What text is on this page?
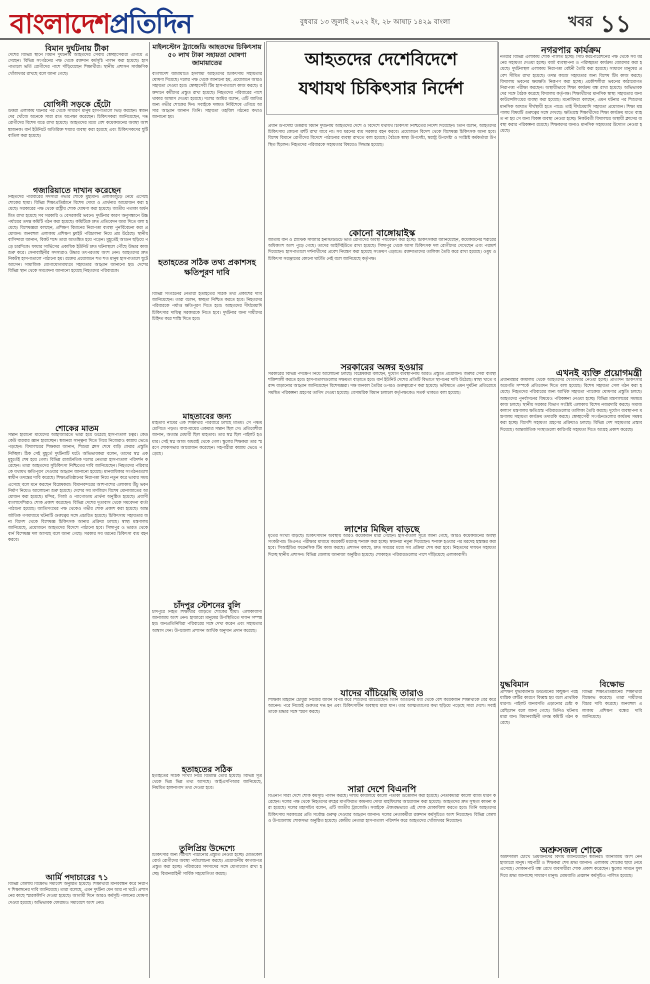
বাংলাদেশপ্রতিদিন	বুধবার ১৩ জুলাই ২০২২ ইং, ২৮ আষাঢ় ১৪২৯ বাংলা	খবর ১১
বিমান দুর্ঘটনায় টীকা
দেশের বিভিন্ন স্থানে বিমান দুর্ঘটনায় আহতদের সেবায় স্বেচ্ছাসেবীরা এগিয়ে এসেছেন। বিভিন্ন সংগঠনের পক্ষ থেকে রক্তদান কর্মসূচি পালন করা হয়েছে। হাসপাতালে ভর্তি রোগীদের পাশে দাঁড়িয়েছেন শিক্ষার্থীরা। স্থানীয় প্রশাসন সার্বক্ষণিক খোঁজখবর রাখছে বলে জানা গেছে।
যোগিনী সড়কে হেঁটো
উত্তরা এলাকায় ঘটনার পর থেকে সাধারণ মানুষ হাসপাতালে ভিড় করছেন। স্বজনদের খোঁজে অনেকে সারা রাত অপেক্ষা করেছেন। চিকিৎসকরা জানিয়েছেন, দগ্ধ রোগীদের বিশেষ যত্নে রাখা হয়েছে। আহতদের মধ্যে বেশ কয়েকজনের অবস্থা আশঙ্কাজনক। বার্ন ইউনিটে অতিরিক্ত শয্যার ব্যবস্থা করা হয়েছে এবং চিকিৎসকদের ছুটি বাতিল করা হয়েছে।
গজারিয়াতে দাখান করেছেন
নিহতদের পরিবারের সদস্যরা গভীর শোকে মুহ্যমান। এলাকাজুড়ে নেমে এসেছে শোকের ছায়া। বিভিন্ন শিক্ষাপ্রতিষ্ঠানে বিশেষ দোয়া ও প্রার্থনার আয়োজন করা হয়েছে। সরকারের পক্ষ থেকে রাষ্ট্রীয় শোক ঘোষণা করা হয়েছে। জাতীয় পতাকা অর্ধনমিত রাখা হয়েছে সব সরকারি ও বেসরকারি ভবনে। দুর্ঘটনার কারণ অনুসন্ধানে উচ্চপর্যায়ের তদন্ত কমিটি গঠন করা হয়েছে। কমিটিকে দ্রুত প্রতিবেদন জমা দিতে বলা হয়েছে। বিশেষজ্ঞরা বলছেন, প্রশিক্ষণ বিমানের নিরাপত্তা ব্যবস্থা পুনর্বিবেচনা করা প্রয়োজন। জনবহুল এলাকায় প্রশিক্ষণ ফ্লাইট পরিচালনা নিয়ে প্রশ্ন উঠেছে। স্থানীয় বাসিন্দারা জানান, বিকট শব্দে তারা আতঙ্কিত হয়ে পড়েন। মুহূর্তেই আগুন ছড়িয়ে পড়ে চারদিকে। ফায়ার সার্ভিসের একাধিক ইউনিট দ্রুত ঘটনাস্থলে পৌঁছে উদ্ধার কাজ শুরু করে। সেনাবাহিনীর সদস্যরাও উদ্ধার তৎপরতায় অংশ নেন। আহতদের দ্রুত নিকটস্থ হাসপাতালে পাঠানো হয়। রক্তের প্রয়োজনে শত শত মানুষ হাসপাতালে ছুটে আসেন। সামাজিক যোগাযোগমাধ্যমে সহায়তার আহ্বান জানানো হয়। দেশের বিভিন্ন স্থান থেকে সমবেদনা জানানো হয়েছে নিহতদের পরিবারকে।
শোকের মাতম
সন্তান হারানো মায়েদের আহাজারিতে ভারী হয়ে উঠেছে হাসপাতাল চত্বর। কেউ কেউ বারবার জ্ঞান হারাচ্ছেন। স্বজনরা সান্ত্বনা দিতে গিয়ে নিজেরাও কান্নায় ভেঙে পড়ছেন। বিদ্যালয়ের শিক্ষকরা জানান, শিশুরা ক্লাস শেষে বাড়ি ফেরার প্রস্তুতি নিচ্ছিল। ঠিক সেই মুহূর্তে দুর্ঘটনাটি ঘটে। অভিভাবকরা বলেন, তাদের স্বপ্ন এক মুহূর্তেই শেষ হয়ে গেল। বিভিন্ন রাজনৈতিক দলের নেতারা হাসপাতাল পরিদর্শন করেছেন। তারা আহতদের সুচিকিৎসা নিশ্চিতের দাবি জানিয়েছেন। নিহতদের পরিবারকে যথাযথ ক্ষতিপূরণ দেওয়ার আহ্বান জানানো হয়েছে। মানবাধিকার সংগঠনগুলো স্বাধীন তদন্তের দাবি করেছে। শিক্ষাপ্রতিষ্ঠানের নিরাপত্তা নিয়ে নতুন করে ভাবার সময় এসেছে বলে মনে করছেন বিশ্লেষকরা। বিমানবন্দরের আশপাশের এলাকায় উঁচু ভবন নির্মাণ নিয়েও আলোচনা শুরু হয়েছে। দেশের সব মসজিদে বিশেষ মোনাজাতের আয়োজন করা হয়েছে। মন্দির, গির্জা ও প্যাগোডায় প্রার্থনা অনুষ্ঠিত হয়েছে। প্রবাসী বাংলাদেশিরাও শোক প্রকাশ করেছেন। বিভিন্ন দেশের দূতাবাস থেকে সমবেদনা বার্তা পাঠানো হয়েছে। জাতিসংঘের পক্ষ থেকেও গভীর শোক প্রকাশ করা হয়েছে। আন্তর্জাতিক গণমাধ্যমে ঘটনাটি গুরুত্বের সঙ্গে প্রচারিত হয়েছে। চিকিৎসায় সহায়তার জন্য বিদেশ থেকে বিশেষজ্ঞ চিকিৎসক আনার প্রক্রিয়া চলছে। স্বাস্থ্য মন্ত্রণালয় জানিয়েছে, প্রয়োজনে আহতদের বিদেশে পাঠানো হবে। সিঙ্গাপুর ও ভারত থেকে বার্ন বিশেষজ্ঞ দল আসছে বলে জানা গেছে। সরকার সব ধরনের চিকিৎসা ব্যয় বহন করবে।
আর্মি পদাচারের ৭১
বিভিন্ন জেলায় বিক্ষোভ সমাবেশ অনুষ্ঠিত হয়েছে। শিক্ষার্থীরা মানববন্ধন করে নিরাপদ শিক্ষাঙ্গনের দাবি জানিয়েছে। তারা বলেছে, এমন দুর্ঘটনা যেন আর না ঘটে। প্রশাসনের কাছে স্মারকলিপি দেওয়া হয়েছে। আগামী দিনে আরও কর্মসূচি পালনের ঘোষণা দেওয়া হয়েছে। অভিভাবক ফোরামও সমাবেশে অংশ নেয়।
মাইলস্টোন ট্র্যাজেডি আহতদের চিকিৎসায় ৫০ লাখ টাকা সহায়তা ঘোষণা জামায়াতের
বাংলাদেশ জামায়াতে ইসলামী আহতদের চিকিৎসায় সহায়তার ঘোষণা দিয়েছে। দলের পক্ষ থেকে জানানো হয়, প্রয়োজনে আরও সহায়তা দেওয়া হবে। স্বেচ্ছাসেবী টিম হাসপাতালে কাজ করছে। রক্তদানে কর্মীদের প্রস্তুত রাখা হয়েছে। নিহতদের পরিবারের পাশে থাকার আশ্বাস দেওয়া হয়েছে। দলের আমির বলেন, এটি জাতির জন্য গভীর শোকের দিন। সবাইকে দলমত নির্বিশেষে এগিয়ে আসার আহ্বান জানান তিনি। সহায়তা তহবিল গঠনের কথাও জানানো হয়।
হতাহতের সঠিক তথ্য প্রকাশসহ ক্ষতিপূরণ দাবি
বিভিন্ন সংগঠনের নেতারা হতাহতের সঠিক তথ্য প্রকাশের দাবি জানিয়েছেন। তারা বলেন, স্বচ্ছতা নিশ্চিত করতে হবে। নিহতদের পরিবারকে পর্যাপ্ত ক্ষতিপূরণ দিতে হবে। আহতদের দীর্ঘমেয়াদি চিকিৎসার দায়িত্ব সরকারকে নিতে হবে। দুর্ঘটনার জন্য দায়ীদের চিহ্নিত করে শাস্তি দিতে হবে।
মাহতাবের জন্য
মাহতাব নামের এক শিক্ষার্থীর পরিবারে চলছে মাতম। সে পঞ্চম শ্রেণিতে পড়ত। বাবা-মায়ের একমাত্র সন্তান ছিল সে। প্রতিবেশীরা জানান, অত্যন্ত মেধাবী ছিল মাহতাব। তার স্বপ্ন ছিল পাইলট হওয়ার। সেই স্বপ্ন আজ অধরাই থেকে গেল। স্কুলের শিক্ষকরা তার স্মরণে শোকসভার আয়োজন করেছেন। সহপাঠীরা কান্নায় ভেঙে পড়েছে।
চাঁদপুর স্টেশনের বুলি
চাঁদপুরে নিহত শিক্ষার্থীর বাড়িতে শোকের ছায়া। এলাকাবাসী জানাজায় অংশ নেন। হাজারো মানুষের উপস্থিতিতে দাফন সম্পন্ন হয়। জনপ্রতিনিধিরা পরিবারের সঙ্গে দেখা করেন এবং সহায়তার আশ্বাস দেন। উপজেলা প্রশাসন আর্থিক অনুদান প্রদান করেছে।
হতাহতের সঠিক
হতাহতের সঠিক সংখ্যা নিয়ে বিভ্রান্তি তৈরি হয়েছে। বিভিন্ন সূত্র থেকে ভিন্ন ভিন্ন তথ্য আসছে। আইএসপিআর জানিয়েছে, নিয়মিত হালনাগাদ তথ্য দেওয়া হবে।
তুলিপ্রিয় উদ্দেশ্যে
চিকিৎসার জন্য বিদেশে পাঠানোর প্রস্তুতি নেওয়া হচ্ছে। মেডিকেল বোর্ড রোগীদের অবস্থা পর্যালোচনা করছে। প্রয়োজনীয় কাগজপত্র প্রস্তুত করা হচ্ছে। পরিবারের সদস্যদের সঙ্গে যোগাযোগ রাখা হচ্ছে। বিমানবাহিনী সার্বিক সহযোগিতা করছে।
আহতদের দেশেবিদেশে
যথাযথ চিকিৎসার নির্দেশ
প্রধান উপদেষ্টা উত্তরায় বিমান দুর্ঘটনায় আহতদের দেশে ও বিদেশে যথাযথ চিকিৎসা নিশ্চিতের নির্দেশ দিয়েছেন। তিনি বলেন, আহতদের চিকিৎসায় কোনো ত্রুটি রাখা যাবে না। সব ধরনের ব্যয় সরকার বহন করবে। প্রয়োজনে বিদেশ থেকে বিশেষজ্ঞ চিকিৎসক আনা হবে। বিশেষ বিমানে রোগীদের বিদেশে পাঠানোর ব্যবস্থা রাখতে বলা হয়েছে। বৈঠকে স্বাস্থ্য উপদেষ্টা, স্বরাষ্ট্র উপদেষ্টা ও সংশ্লিষ্ট কর্মকর্তারা উপস্থিত ছিলেন। নিহতদের পরিবারকে সহায়তার বিষয়েও সিদ্ধান্ত হয়েছে।
কোনো বাঙ্গোয়াইস্ক
জাতীয় বার্ন ও প্লাস্টিক সার্জারি ইনস্টিটিউটে ভর্তি রোগীদের অবস্থা পর্যবেক্ষণ করা হচ্ছে। চিকিৎসকরা জানিয়েছেন, কয়েকজনের শরীরের অধিকাংশ অংশ পুড়ে গেছে। তাদের আইসিইউতে রাখা হয়েছে। সিঙ্গাপুর থেকে আসা চিকিৎসক দল রোগীদের দেখেছেন এবং পরামর্শ দিয়েছেন। হাসপাতালে দর্শনার্থীদের প্রবেশ নিয়ন্ত্রণ করা হয়েছে সংক্রমণ এড়াতে। রক্তদাতাদের তালিকা তৈরি করে রাখা হয়েছে। ওষুধ ও চিকিৎসা সরঞ্জামের কোনো ঘাটতি নেই বলে জানিয়েছে কর্তৃপক্ষ।
সরকারের অঙ্গর হওয়ার
সরকারের বিভিন্ন পদক্ষেপ নিয়ে আলোচনা চলছে। বিশ্লেষকরা বলছেন, দুর্যোগ ব্যবস্থাপনায় আরও প্রস্তুতি প্রয়োজন। জরুরি সেবা ব্যবস্থা শক্তিশালী করতে হবে। হাসপাতালগুলোর সক্ষমতা বাড়াতে হবে। বার্ন ইউনিট দেশের প্রতিটি বিভাগে স্থাপনের দাবি উঠেছে। স্বাস্থ্য খাতে বরাদ্দ বাড়ানোর আহ্বান জানিয়েছেন বিশেষজ্ঞরা। দক্ষ জনবল তৈরির ওপরও গুরুত্বারোপ করা হয়েছে। ভবিষ্যতে এমন দুর্ঘটনা প্রতিরোধে সমন্বিত পরিকল্পনা গ্রহণের তাগিদ দেওয়া হয়েছে। বেসামরিক বিমান চলাচল কর্তৃপক্ষকেও সতর্ক থাকতে বলা হয়েছে।
লাশের মিছিল বাড়ছে
মৃতের সংখ্যা বাড়ছে। চিকিৎসাধীন অবস্থায় আরও কয়েকজন মারা গেছেন। হাসপাতাল সূত্রে জানা গেছে, আরও কয়েকজনের অবস্থা সংকটাপন্ন। ডিএনএ পরীক্ষার মাধ্যমে কয়েকটি মরদেহ শনাক্ত করা হচ্ছে। স্বজনরা নমুনা দিয়েছেন। শনাক্ত হওয়ার পর মরদেহ হস্তান্তর করা হবে। সিআইডির ফরেনসিক টিম কাজ করছে। প্রশাসন বলছে, দ্রুত সময়ের মধ্যে সব প্রক্রিয়া শেষ করা হবে। নিহতদের দাফনে সহায়তা দিচ্ছে স্থানীয় প্রশাসন। বিভিন্ন জেলায় জানাজা অনুষ্ঠিত হয়েছে। শোকাহত পরিবারগুলোর পাশে দাঁড়িয়েছে এলাকাবাসী।
যাদের বাঁচিয়েছি তারাও
শিক্ষিকা মাহরীন চৌধুরী নিজের জীবন বিপন্ন করে শিশুদের বাঁচিয়েছেন। তিনি আগুনের মধ্য থেকে বেশ কয়েকজন শিক্ষার্থীকে বের করে আনেন। পরে নিজেই গুরুতর দগ্ধ হন এবং চিকিৎসাধীন অবস্থায় মারা যান। তার আত্মত্যাগের কথা ছড়িয়ে পড়েছে সারা দেশে। সবাই তাকে শ্রদ্ধার সঙ্গে স্মরণ করছে।
সারা দেশে বিএনপি
বিএনপি সারা দেশে শোক কর্মসূচি পালন করছে। দলীয় কার্যালয়ে কালো পতাকা উত্তোলন করা হয়েছে। নেতাকর্মীরা কালো ব্যাজ ধারণ করেছেন। দলের পক্ষ থেকে নিহতদের রুহের মাগফিরাত কামনায় দোয়া মাহফিলের আয়োজন করা হয়েছে। আহতদের দ্রুত সুস্থতা কামনা করা হয়েছে। দলের মহাসচিব বলেন, এটি জাতীয় ট্র্যাজেডি। সবাইকে ঐক্যবদ্ধভাবে এই শোক মোকাবিলা করতে হবে। তিনি আহতদের চিকিৎসায় সরকারের প্রতি সর্বোচ্চ গুরুত্ব দেওয়ার আহ্বান জানান। দলের নেতাকর্মীরা রক্তদান কর্মসূচিতে অংশ নিয়েছেন। বিভিন্ন জেলা ও উপজেলায় শোকসভা অনুষ্ঠিত হয়েছে। কেন্দ্রীয় নেতারা হাসপাতাল পরিদর্শন করে আহতদের খোঁজখবর নিয়েছেন।
নগরপার কার্যক্রম
নগরীর বিভিন্ন এলাকায় শোক পালিত হচ্ছে। সিটি করপোরেশনের পক্ষ থেকে সব ধরনের সহায়তা দেওয়া হচ্ছে। বর্জ্য ব্যবস্থাপনা ও পরিচ্ছন্নতা কার্যক্রম জোরদার করা হয়েছে। দুর্ঘটনাস্থল এলাকায় নিরাপত্তা বেষ্টনী তৈরি করা হয়েছে। সাধারণ মানুষের প্রবেশ সীমিত রাখা হয়েছে। তদন্ত কাজে সহায়তার জন্য বিশেষ টিম কাজ করছে। বিদ্যালয় ভবনের ক্ষয়ক্ষতি নিরূপণ করা হচ্ছে। প্রকৌশলীরা ভবনের কাঠামোগত নিরাপত্তা পরীক্ষা করছেন। অস্থায়ীভাবে শিক্ষা কার্যক্রম বন্ধ রাখা হয়েছে। অভিভাবকদের সঙ্গে বৈঠক করেছে বিদ্যালয় কর্তৃপক্ষ। শিক্ষার্থীদের মানসিক স্বাস্থ্য সহায়তার জন্য কাউন্সেলিংয়ের ব্যবস্থা করা হয়েছে। মনোবিদরা বলছেন, এমন ঘটনার পর শিশুদের মানসিক আঘাত দীর্ঘস্থায়ী হতে পারে। তাই দীর্ঘমেয়াদি সহায়তা প্রয়োজন। শিক্ষা মন্ত্রণালয় বিষয়টি গুরুত্বের সঙ্গে দেখছে। ক্ষতিগ্রস্ত শিক্ষার্থীদের শিক্ষা কার্যক্রম যাতে ব্যাহত না হয় সে জন্য বিকল্প ব্যবস্থা নেওয়া হচ্ছে। নিকটবর্তী বিদ্যালয়ে অস্থায়ী ক্লাসের ব্যবস্থা করার পরিকল্পনা রয়েছে। শিক্ষকদের জন্যও মানসিক সহায়তার উদ্যোগ নেওয়া হয়েছে।
এখনই ব্যক্তি প্রয়োগমন্ত্রী
প্রধানমন্ত্রীর কার্যালয় থেকে আহতদের খোঁজখবর নেওয়া হচ্ছে। প্রতিদিন চিকিৎসার অগ্রগতি সম্পর্কে প্রতিবেদন দিতে বলা হয়েছে। বিশেষ সহায়তা সেল গঠন করা হয়েছে। নিহতদের পরিবারের জন্য আর্থিক সহায়তা প্যাকেজ ঘোষণার প্রস্তুতি চলছে। আহতদের পুনর্বাসনের বিষয়েও পরিকল্পনা নেওয়া হচ্ছে। বিভিন্ন মন্ত্রণালয়ের সমন্বয়ে কাজ চলছে। স্থানীয় সরকার বিভাগ সংশ্লিষ্ট এলাকায় বিশেষ নজরদারি করছে। সমাজকল্যাণ মন্ত্রণালয় ক্ষতিগ্রস্ত পরিবারগুলোর তালিকা তৈরি করছে। দুর্যোগ ব্যবস্থাপনা মন্ত্রণালয় সহায়তা কার্যক্রম তদারকি করছে। স্বেচ্ছাসেবী সংগঠনগুলোর কার্যক্রম সমন্বয় করা হচ্ছে। বিদেশি সহায়তা গ্রহণের প্রক্রিয়াও চলছে। বিভিন্ন দেশ সহায়তার প্রস্তাব দিয়েছে। আন্তর্জাতিক সংস্থাগুলো কারিগরি সহায়তা দিতে আগ্রহ প্রকাশ করেছে।
যুদ্ধবিমান
প্রশিক্ষণ যুদ্ধবিমানটি উড্ডয়নের কিছুক্ষণ পরই যান্ত্রিক ত্রুটির কারণে বিধ্বস্ত হয় বলে প্রাথমিক ধারণা। পাইলট জনবসতি এড়ানোর চেষ্টা করেছিলেন বলে জানা গেছে। তিনিও ঘটনায় মারা যান। বিমানবাহিনী তদন্ত কমিটি গঠন করেছে।
বিক্ষোভ
বিভিন্ন শিক্ষাপ্রতিষ্ঠানের শিক্ষার্থীরা বিক্ষোভ করেছে। তারা দায়ীদের বিচার দাবি করেছে। জনবহুল এলাকায় প্রশিক্ষণ বন্ধের দাবি জানিয়েছে।
অশ্রুসজল শোকে
অশ্রুসজল চোখে প্রিয়জনদের বিদায় জানিয়েছেন স্বজনরা। জানাজায় অংশ নেন হাজারো মানুষ। সহপাঠী ও শিক্ষকরা শেষ শ্রদ্ধা জানান। এলাকায় শোকের ছায়া নেমে এসেছে। দোকানপাট বন্ধ রেখে ব্যবসায়ীরা শোক প্রকাশ করেছেন। স্কুলের সামনে ফুল দিয়ে শ্রদ্ধা জানাচ্ছে সাধারণ মানুষ। মোমবাতি প্রজ্বলন কর্মসূচিও পালিত হয়েছে।
